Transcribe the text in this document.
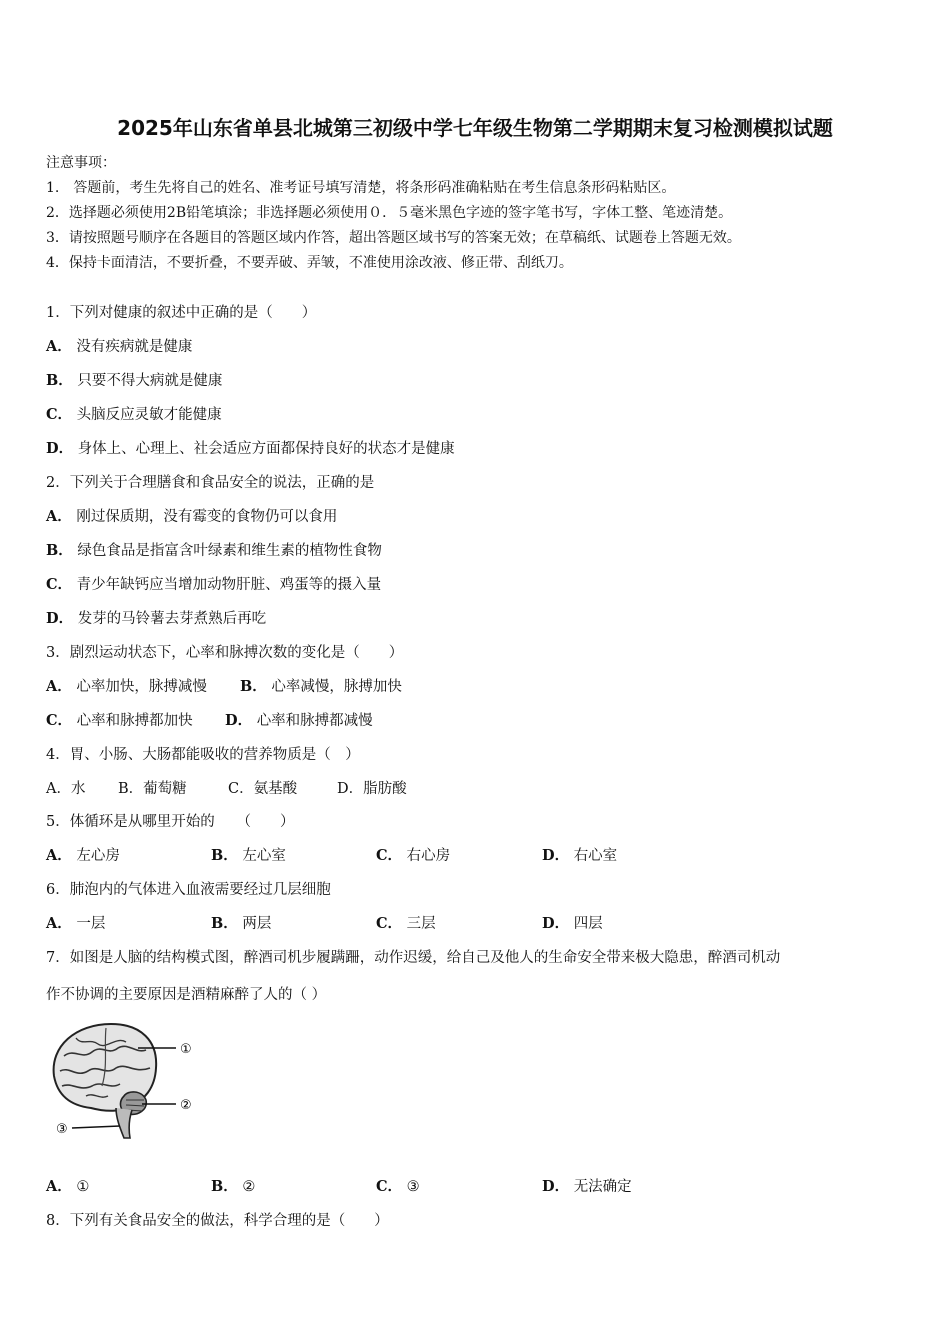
2025年山东省单县北城第三初级中学七年级生物第二学期期末复习检测模拟试题
注意事项：
1.　答题前，考生先将自己的姓名、准考证号填写清楚，将条形码准确粘贴在考生信息条形码粘贴区。
2．选择题必须使用2B铅笔填涂；非选择题必须使用０．５毫米黑色字迹的签字笔书写，字体工整、笔迹清楚。
3．请按照题号顺序在各题目的答题区域内作答，超出答题区域书写的答案无效；在草稿纸、试题卷上答题无效。
4．保持卡面清洁，不要折叠，不要弄破、弄皱，不准使用涂改液、修正带、刮纸刀。
1．下列对健康的叙述中正确的是（　　）
A． 没有疾病就是健康
B． 只要不得大病就是健康
C． 头脑反应灵敏才能健康
D． 身体上、心理上、社会适应方面都保持良好的状态才是健康
2．下列关于合理膳食和食品安全的说法，正确的是
A． 刚过保质期，没有霉变的食物仍可以食用
B． 绿色食品是指富含叶绿素和维生素的植物性食物
C． 青少年缺钙应当增加动物肝脏、鸡蛋等的摄入量
D． 发芽的马铃薯去芽煮熟后再吃
3．剧烈运动状态下，心率和脉搏次数的变化是（　　）
A． 心率加快，脉搏减慢 B． 心率减慢，脉搏加快
C． 心率和脉搏都加快 D． 心率和脉搏都减慢
4．胃、小肠、大肠都能吸收的营养物质是（　）
A．水 B．葡萄糖	C．氨基酸	D．脂肪酸
5．体循环是从哪里开始的　　（　　）
A． 左心房	B． 左心室	C． 右心房	D． 右心室
6．肺泡内的气体进入血液需要经过几层细胞
A． 一层	B． 两层	C． 三层	D． 四层
7．如图是人脑的结构模式图，醉酒司机步履蹒跚，动作迟缓，给自己及他人的生命安全带来极大隐患，醉酒司机动
作不协调的主要原因是酒精麻醉了人的（ ）
①
②
③
A． ①	B． ②	C． ③	D． 无法确定
8．下列有关食品安全的做法，科学合理的是（　　）
